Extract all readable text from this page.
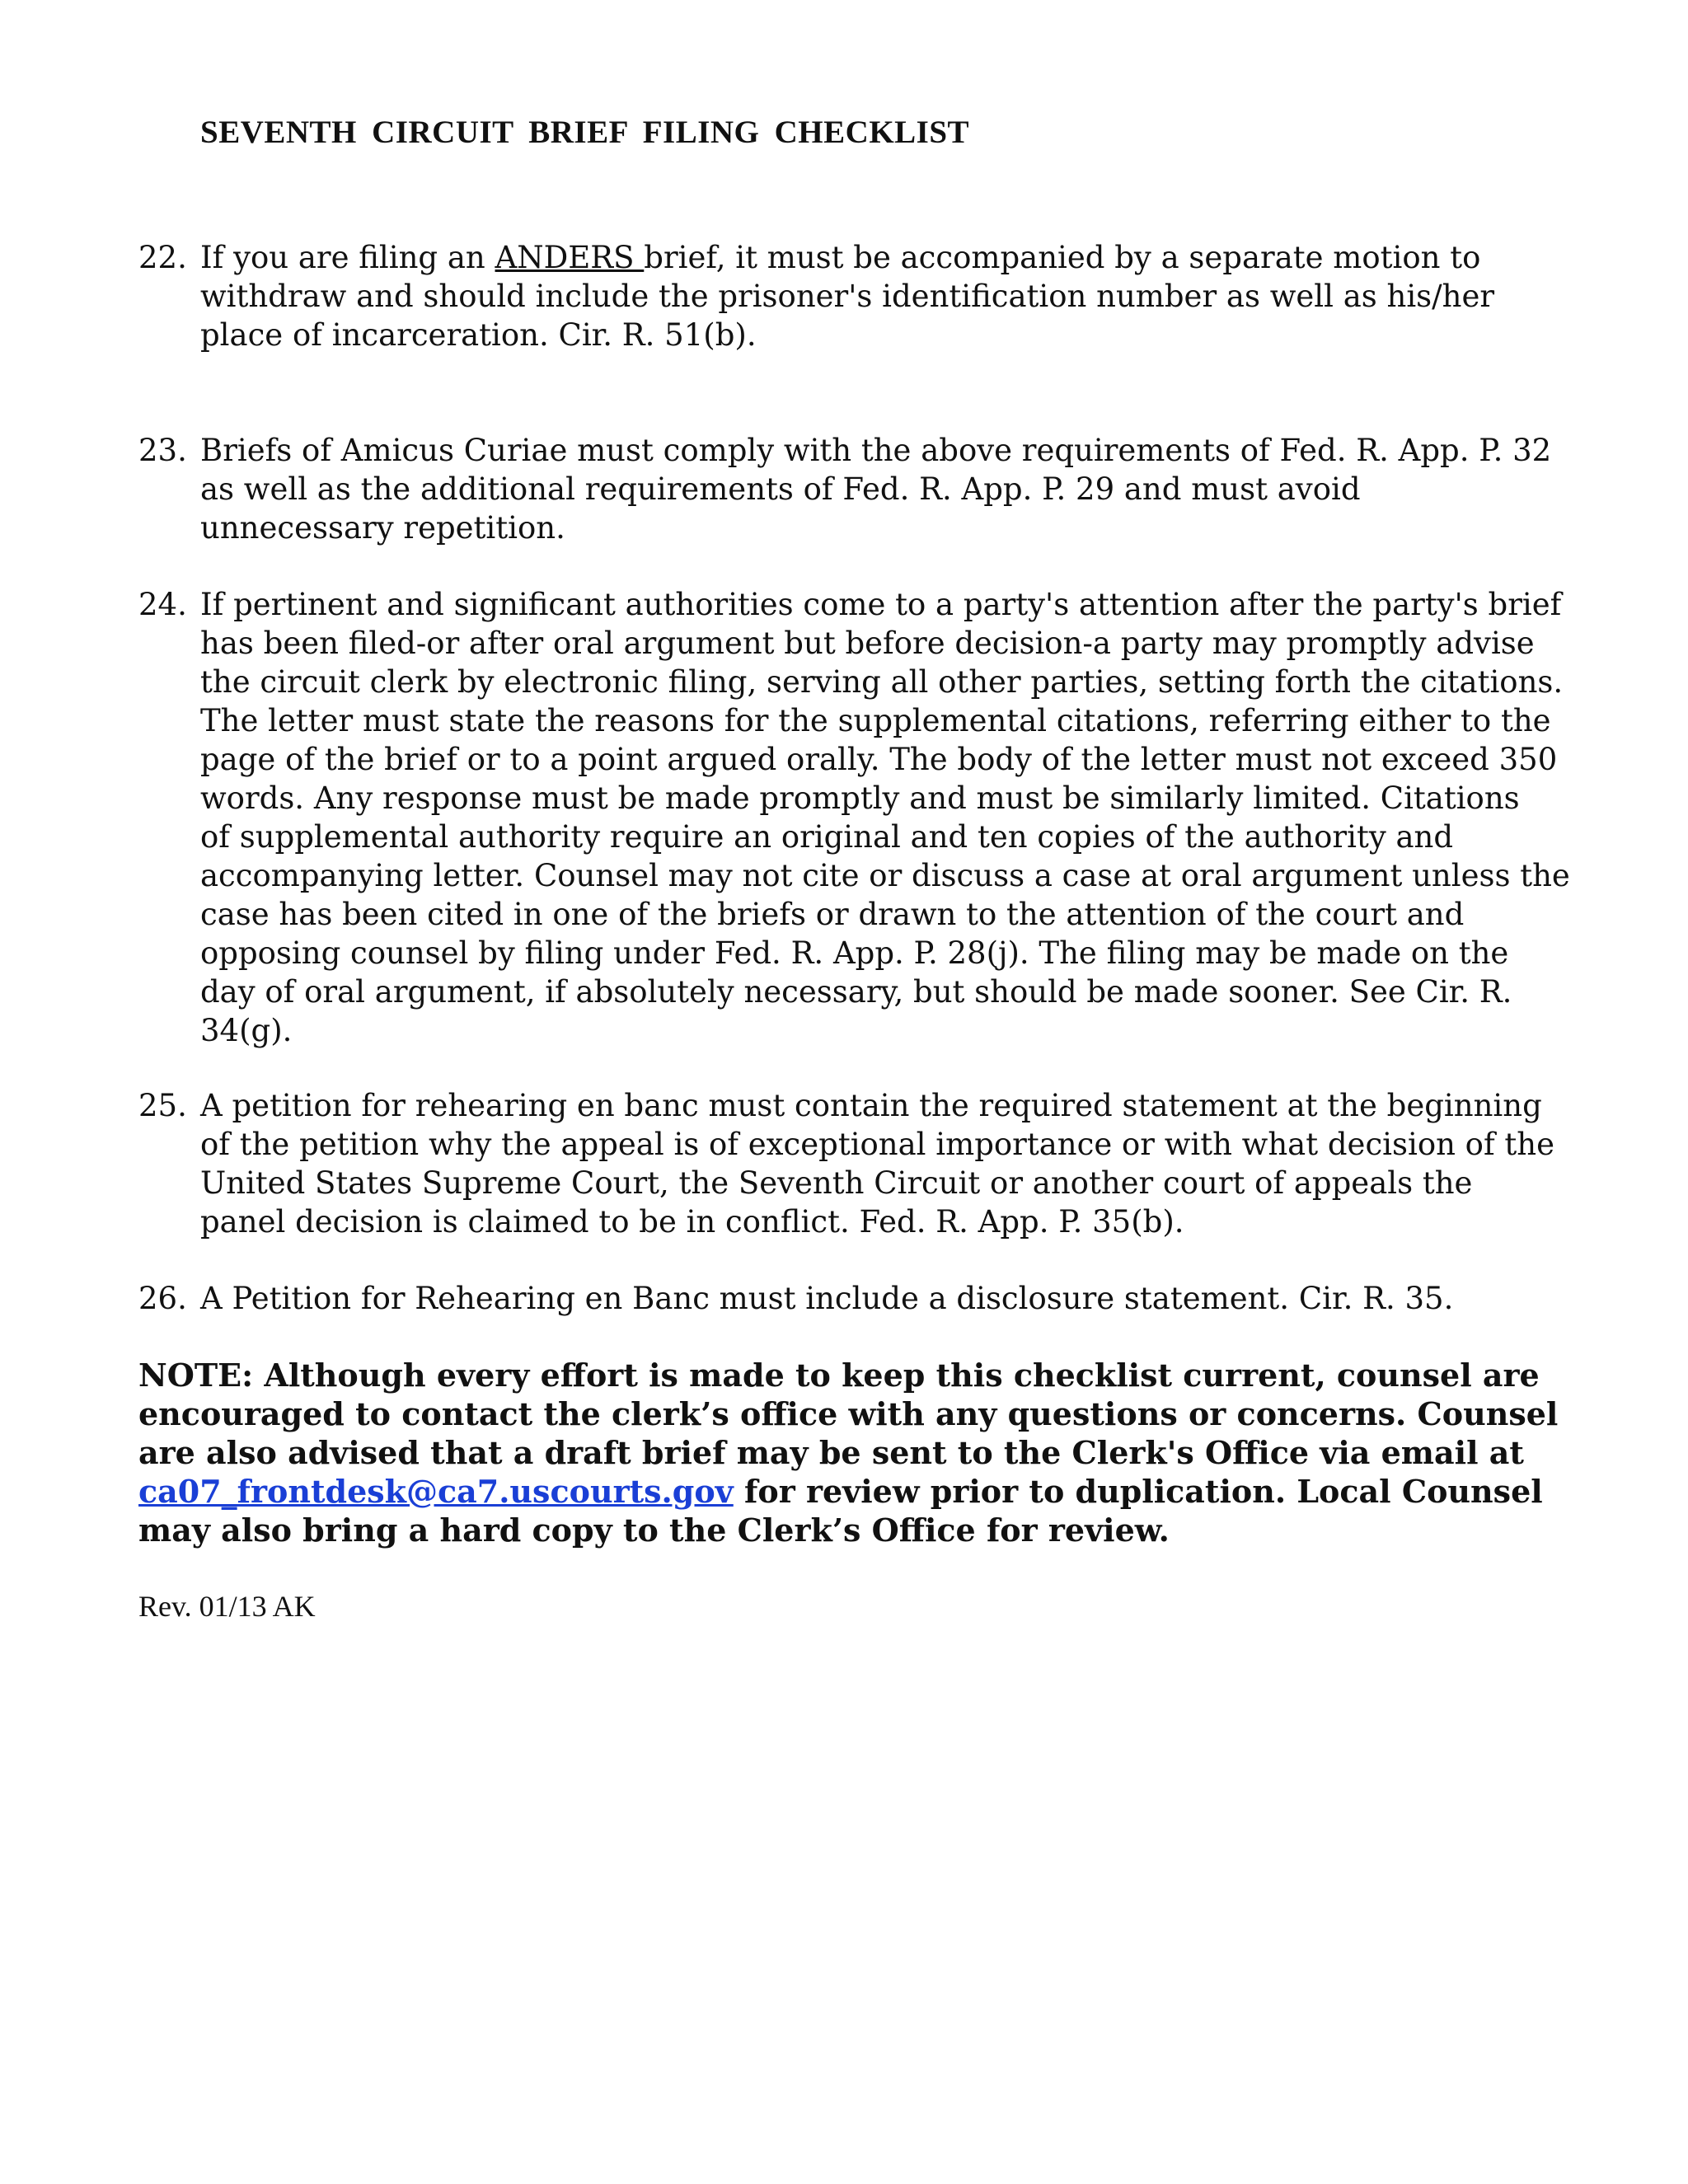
SEVENTH CIRCUIT BRIEF FILING CHECKLIST
22. If you are filing an ANDERS brief, it must be accompanied by a separate motion to

withdraw and should include the prisoner's identification number as well as his/her

place of incarceration. Cir. R. 51(b).

23. Briefs of Amicus Curiae must comply with the above requirements of Fed. R. App. P. 32

as well as the additional requirements of Fed. R. App. P. 29 and must avoid

unnecessary repetition.

24. If pertinent and significant authorities come to a party's attention after the party's brief

has been filed-or after oral argument but before decision-a party may promptly advise

the circuit clerk by electronic filing, serving all other parties, setting forth the citations.

The letter must state the reasons for the supplemental citations, referring either to the

page of the brief or to a point argued orally. The body of the letter must not exceed 350

words. Any response must be made promptly and must be similarly limited. Citations

of supplemental authority require an original and ten copies of the authority and

accompanying letter. Counsel may not cite or discuss a case at oral argument unless the

case has been cited in one of the briefs or drawn to the attention of the court and

opposing counsel by filing under Fed. R. App. P. 28(j). The filing may be made on the

day of oral argument, if absolutely necessary, but should be made sooner. See Cir. R.

34(g).

25. A petition for rehearing en banc must contain the required statement at the beginning

of the petition why the appeal is of exceptional importance or with what decision of the

United States Supreme Court, the Seventh Circuit or another court of appeals the

panel decision is claimed to be in conflict. Fed. R. App. P. 35(b).

26. A Petition for Rehearing en Banc must include a disclosure statement. Cir. R. 35.

NOTE: Although every effort is made to keep this checklist current, counsel are

encouraged to contact the clerk’s office with any questions or concerns. Counsel

are also advised that a draft brief may be sent to the Clerk's Office via email at

ca07_frontdesk@ca7.uscourts.gov for review prior to duplication. Local Counsel

may also bring a hard copy to the Clerk’s Office for review.

Rev. 01/13 AK
